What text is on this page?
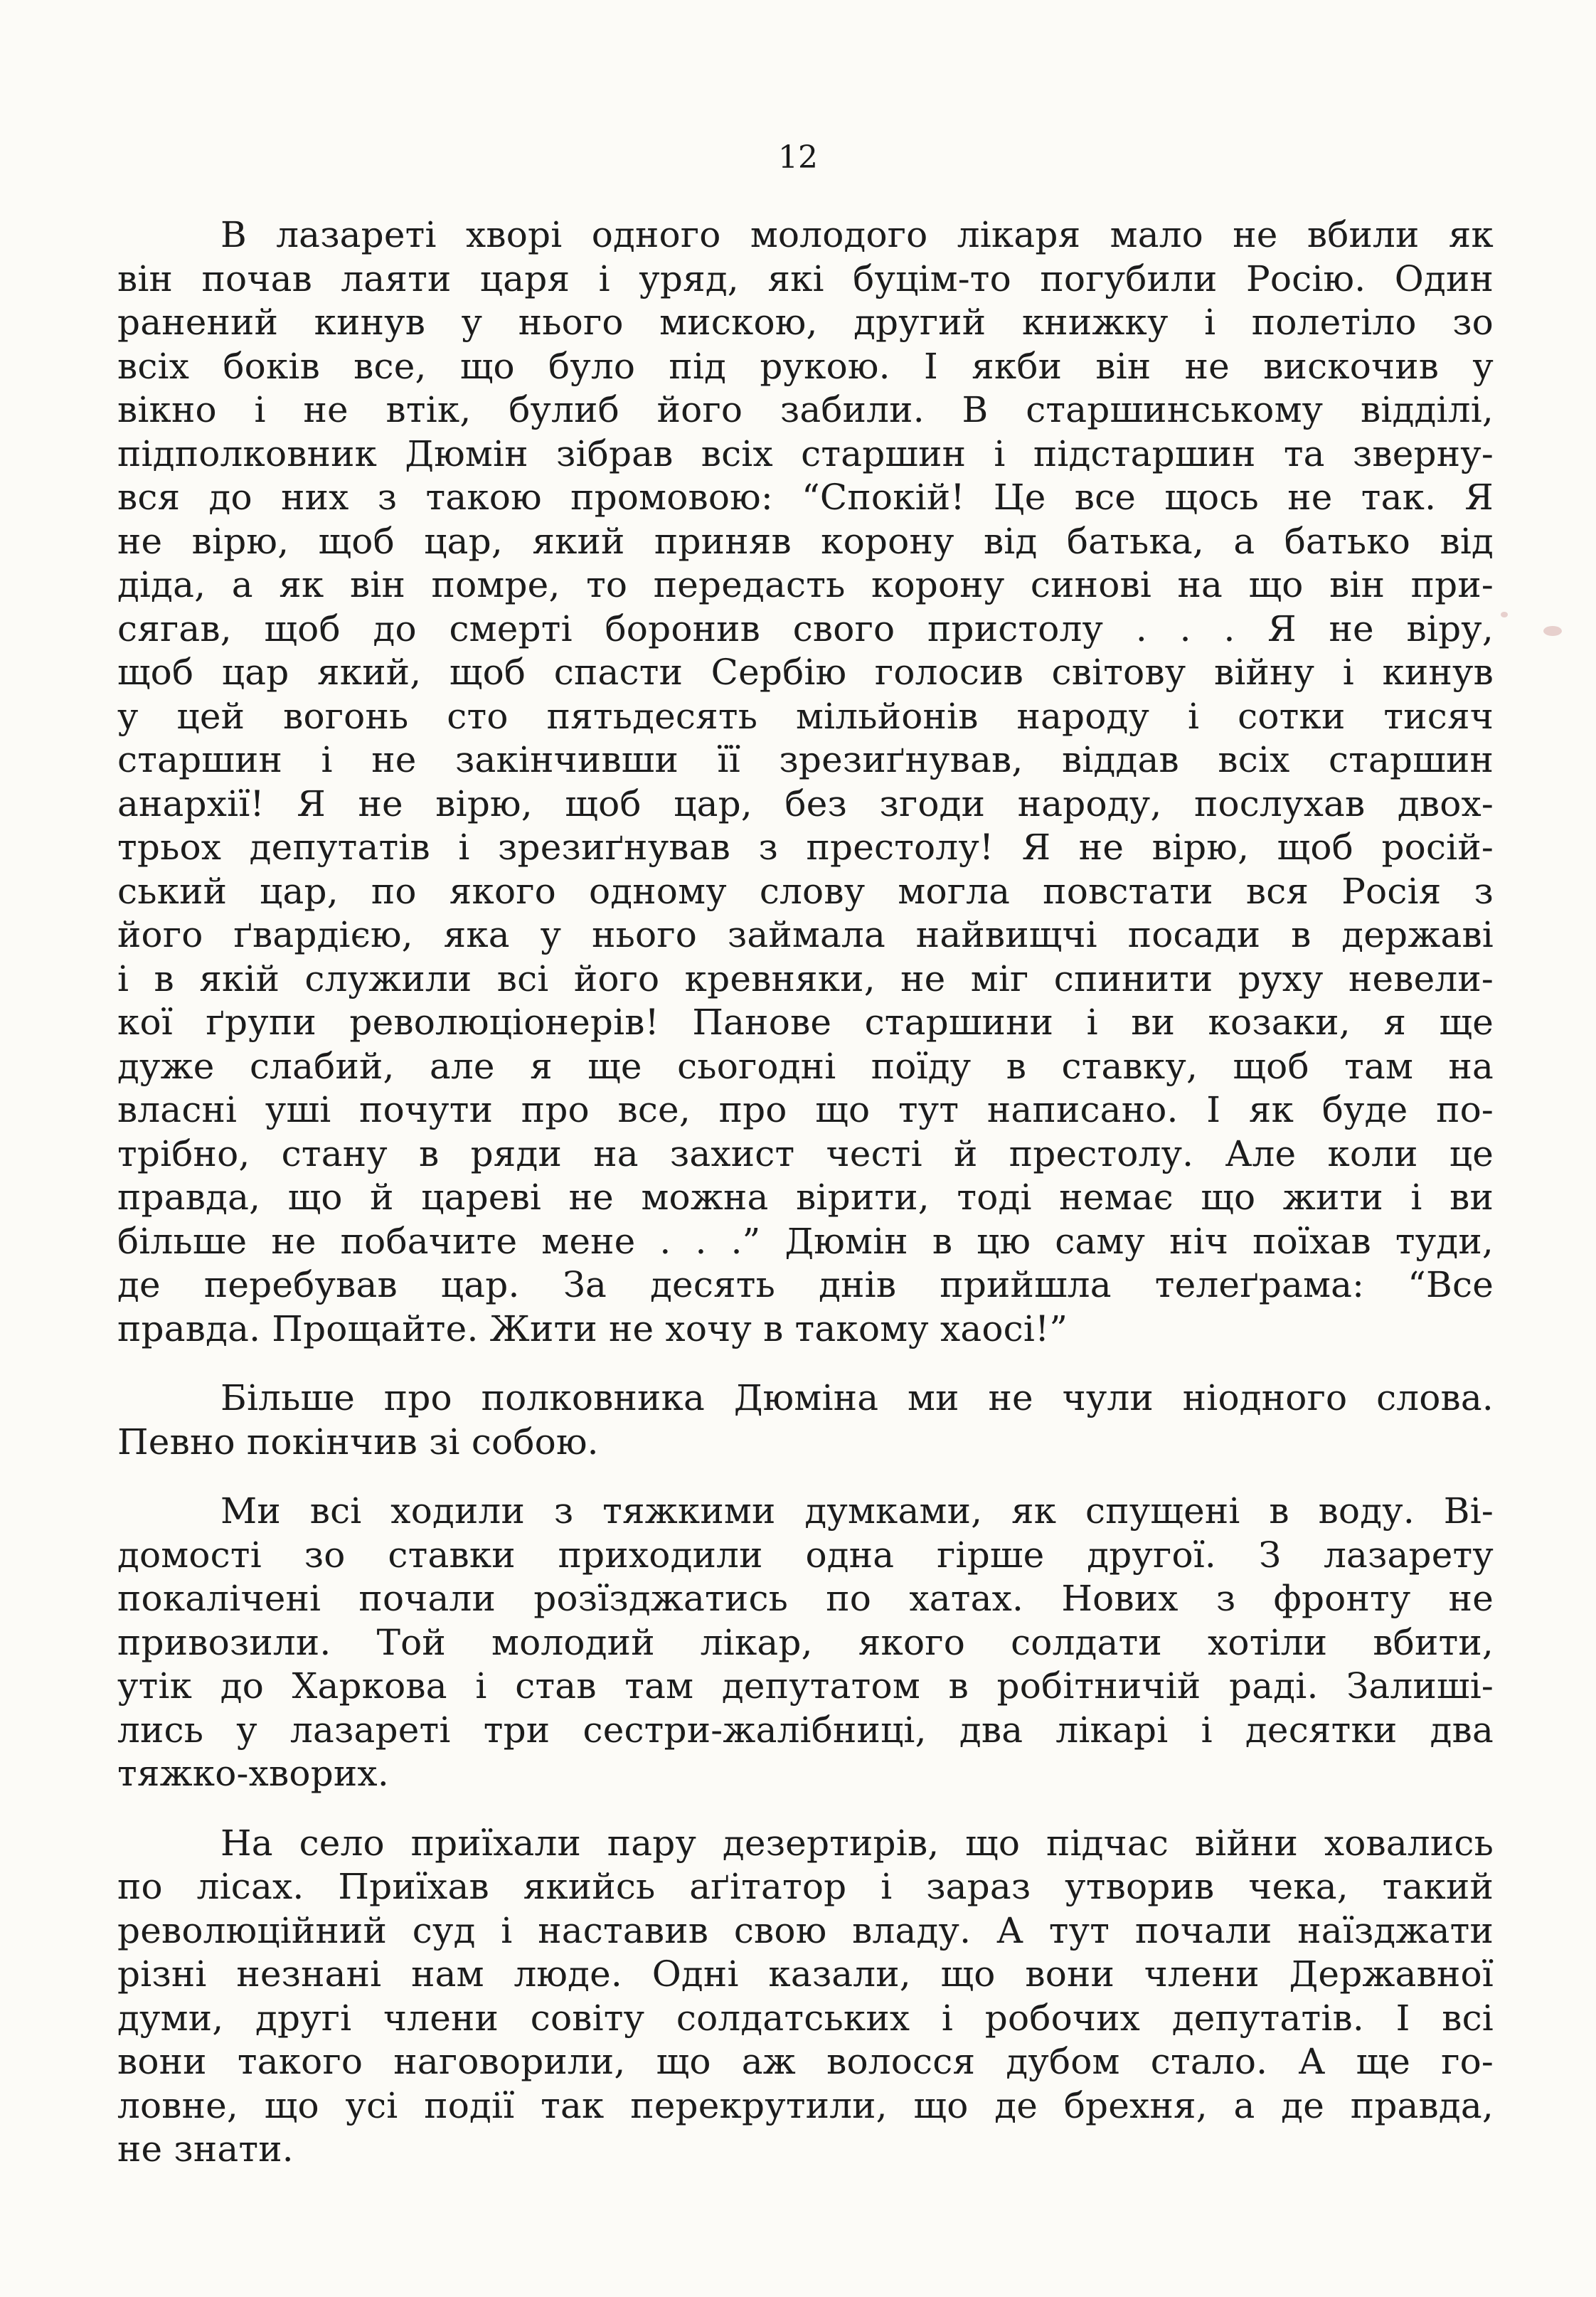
12
В лазареті хворі одного молодого лікаря мало не вбили як
він почав лаяти царя і уряд, які буцім-то погубили Росію. Один
ранений кинув у нього мискою, другий книжку і полетіло зо
всіх боків все, що було під рукою. І якби він не вискочив у
вікно і не втік, булиб його забили. В старшинському відділі,
підполковник Дюмін зібрав всіх старшин і підстаршин та зверну-
вся до них з такою промовою: “Спокій! Це все щось не так. Я
не вірю, щоб цар, який приняв корону від батька, а батько від
діда, а як він помре, то передасть корону синові на що він при-
сягав, щоб до смерті боронив свого пристолу . . . Я не віру,
щоб цар який, щоб спасти Сербію голосив світову війну і кинув
у цей вогонь сто пятьдесять мільйонів народу і сотки тисяч
старшин і не закінчивши її зрезиґнував, віддав всіх старшин
анархії! Я не вірю, щоб цар, без згоди народу, послухав двох-
трьох депутатів і зрезиґнував з престолу! Я не вірю, щоб росій-
ський цар, по якого одному слову могла повстати вся Росія з
його ґвардією, яка у нього займала найвищчі посади в державі
і в якій служили всі його кревняки, не міг спинити руху невели-
кої ґрупи революціонерів! Панове старшини і ви козаки, я ще
дуже слабий, але я ще сьогодні поїду в ставку, щоб там на
власні уші почути про все, про що тут написано. І як буде по-
трібно, стану в ряди на захист честі й престолу. Але коли це
правда, що й цареві не можна вірити, тоді немає що жити і ви
більше не побачите мене . . .” Дюмін в цю саму ніч поїхав туди,
де перебував цар. За десять днів прийшла телеґрама: “Все
правда. Прощайте. Жити не хочу в такому хаосі!”
Більше про полковника Дюміна ми не чули ніодного слова.
Певно покінчив зі собою.
Ми всі ходили з тяжкими думками, як спущені в воду. Ві-
домості зо ставки приходили одна гірше другої. З лазарету
покалічені почали розїзджатись по хатах. Нових з фронту не
привозили. Той молодий лікар, якого солдати хотіли вбити,
утік до Харкова і став там депутатом в робітничій раді. Залиші-
лись у лазареті три сестри-жалібниці, два лікарі і десятки два
тяжко-хворих.
На село приїхали пару дезертирів, що підчас війни ховались
по лісах. Приїхав якийсь аґітатор і зараз утворив чека, такий
революційний суд і наставив свою владу. А тут почали наїзджати
різні незнані нам люде. Одні казали, що вони члени Державної
думи, другі члени совіту солдатських і робочих депутатів. І всі
вони такого наговорили, що аж волосся дубом стало. А ще го-
ловне, що усі події так перекрутили, що де брехня, а де правда,
не знати.
